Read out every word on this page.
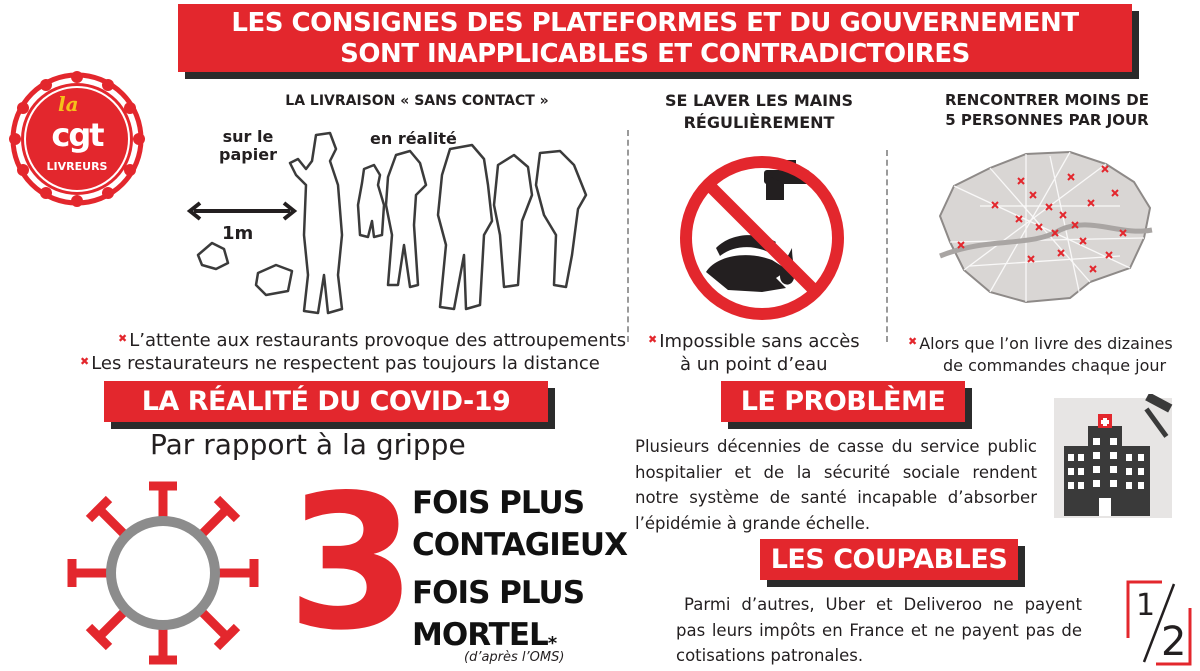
LES CONSIGNES DES PLATEFORMES ET DU GOUVERNEMENT
SONT INAPPLICABLES ET CONTRADICTOIRES
la
cgt
LIVREURS
LA LIVRAISON « SANS CONTACT »
sur le papier
en réalité
1m
✖ L’attente aux restaurants provoque des attroupements
✖ Les restaurateurs ne respectent pas toujours la distance
SE LAVER LES MAINS
RÉGULIÈREMENT
✖ Impossible sans accès
à un point d’eau
RENCONTRER MOINS DE
5 PERSONNES PAR JOUR
✖ Alors que l’on livre des dizaines
de commandes chaque jour
LA RÉALITÉ DU COVID-19
Par rapport à la grippe
3 FOIS PLUS
CONTAGIEUX
FOIS PLUS
MORTEL*
(d’après l’OMS)
LE PROBLÈME
Plusieurs décennies de casse du service public hospitalier et de la sécurité sociale rendent notre système de santé incapable d’absorber l’épidémie à grande échelle.
LES COUPABLES
Parmi d’autres, Uber et Deliveroo ne payent pas leurs impôts en France et ne payent pas de cotisations patronales.
1
2
